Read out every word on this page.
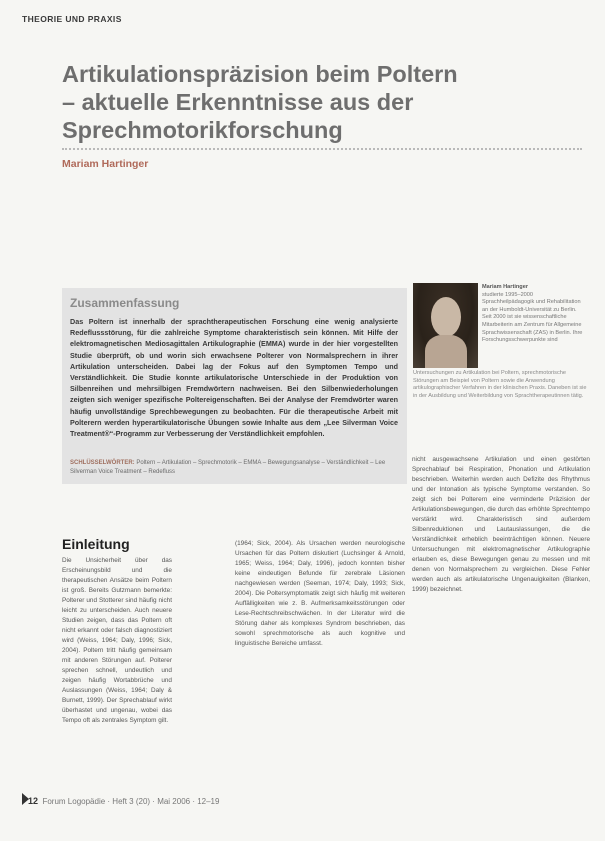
THEORIE UND PRAXIS
Artikulationspräzision beim Poltern – aktuelle Erkenntnisse aus der Sprechmotorikforschung
Mariam Hartinger
Zusammenfassung
Das Poltern ist innerhalb der sprachtherapeutischen Forschung eine wenig analysierte Redeflussstörung, für die zahlreiche Symptome charakteristisch sein können. Mit Hilfe der elektromagnetischen Mediosagittalen Artikulographie (EMMA) wurde in der hier vorgestellten Studie überprüft, ob und worin sich erwachsene Polterer von Normalsprechern in ihrer Artikulation unterscheiden. Dabei lag der Fokus auf den Symptomen Tempo und Verständlichkeit. Die Studie konnte artikulatorische Unterschiede in der Produktion von Silbenreihen und mehrsilbigen Fremdwörtern nachweisen. Bei den Silbenwiederholungen zeigten sich weniger spezifische Poltereigenschaften. Bei der Analyse der Fremdwörter waren häufig unvollständige Sprechbewegungen zu beobachten. Für die therapeutische Arbeit mit Polterern werden hyperartikulatorische Übungen sowie Inhalte aus dem „Lee Silverman Voice Treatment®“-Programm zur Verbesserung der Verständlichkeit empfohlen.
SCHLÜSSELWÖRTER: Poltern – Artikulation – Sprechmotorik – EMMA – Bewegungsanalyse – Verständlichkeit – Lee Silverman Voice Treatment – Redefluss
Mariam Hartinger
studierte 1995–2000 Sprachheilpädagogik und Rehabilitation an der Humboldt-Universität zu Berlin. Seit 2000 ist sie wissenschaftliche Mitarbeiterin am Zentrum für Allgemeine Sprachwissenschaft (ZAS) in Berlin. Ihre Forschungsschwerpunkte sind
Untersuchungen zu Artikulation bei Poltern, sprechmotorische Störungen am Beispiel von Poltern sowie die Anwendung artikulographischer Verfahren in der klinischen Praxis. Daneben ist sie in der Ausbildung und Weiterbildung von Sprachtherapeutinnen tätig.
Einleitung
Die Unsicherheit über das Erscheinungsbild und die therapeutischen Ansätze beim Poltern ist groß. Bereits Gutzmann bemerkte: Polterer und Stotterer sind häufig nicht leicht zu unterscheiden. Auch neuere Studien zeigen, dass das Poltern oft nicht erkannt oder falsch diagnostiziert wird (Weiss, 1964; Daly, 1996; Sick, 2004). Poltern tritt häufig gemeinsam mit anderen Störungen auf. Polterer sprechen schnell, undeutlich und zeigen häufig Wortabbrüche und Auslassungen (Weiss, 1964; Daly & Burnett, 1999). Der Sprechablauf wirkt überhastet und ungenau, wobei das Tempo oft als zentrales Symptom gilt.
(1964; Sick, 2004). Als Ursachen werden neurologische Ursachen für das Poltern diskutiert (Luchsinger & Arnold, 1965; Weiss, 1964; Daly, 1996), jedoch konnten bisher keine eindeutigen Befunde für zerebrale Läsionen nachgewiesen werden (Seeman, 1974; Daly, 1993; Sick, 2004). Die Poltersymptomatik zeigt sich häufig mit weiteren Auffälligkeiten wie z. B. Aufmerksamkeitsstörungen oder Lese-Rechtschreibschwächen. In der Literatur wird die Störung daher als komplexes Syndrom beschrieben, das sowohl sprechmotorische als auch kognitive und linguistische Bereiche umfasst.
nicht ausgewachsene Artikulation und einen gestörten Sprechablauf bei Respiration, Phonation und Artikulation beschrieben. Weiterhin werden auch Defizite des Rhythmus und der Intonation als typische Symptome verstanden. So zeigt sich bei Polterern eine verminderte Präzision der Artikulationsbewegungen, die durch das erhöhte Sprechtempo verstärkt wird. Charakteristisch sind außerdem Silbenreduktionen und Lautauslassungen, die die Verständlichkeit erheblich beeinträchtigen können. Neuere Untersuchungen mit elektromagnetischer Artikulographie erlauben es, diese Bewegungen genau zu messen und mit denen von Normalsprechern zu vergleichen. Diese Fehler werden auch als artikulatorische Ungenauigkeiten (Blanken, 1999) bezeichnet.
12 Forum Logopädie · Heft 3 (20) · Mai 2006 · 12–19
